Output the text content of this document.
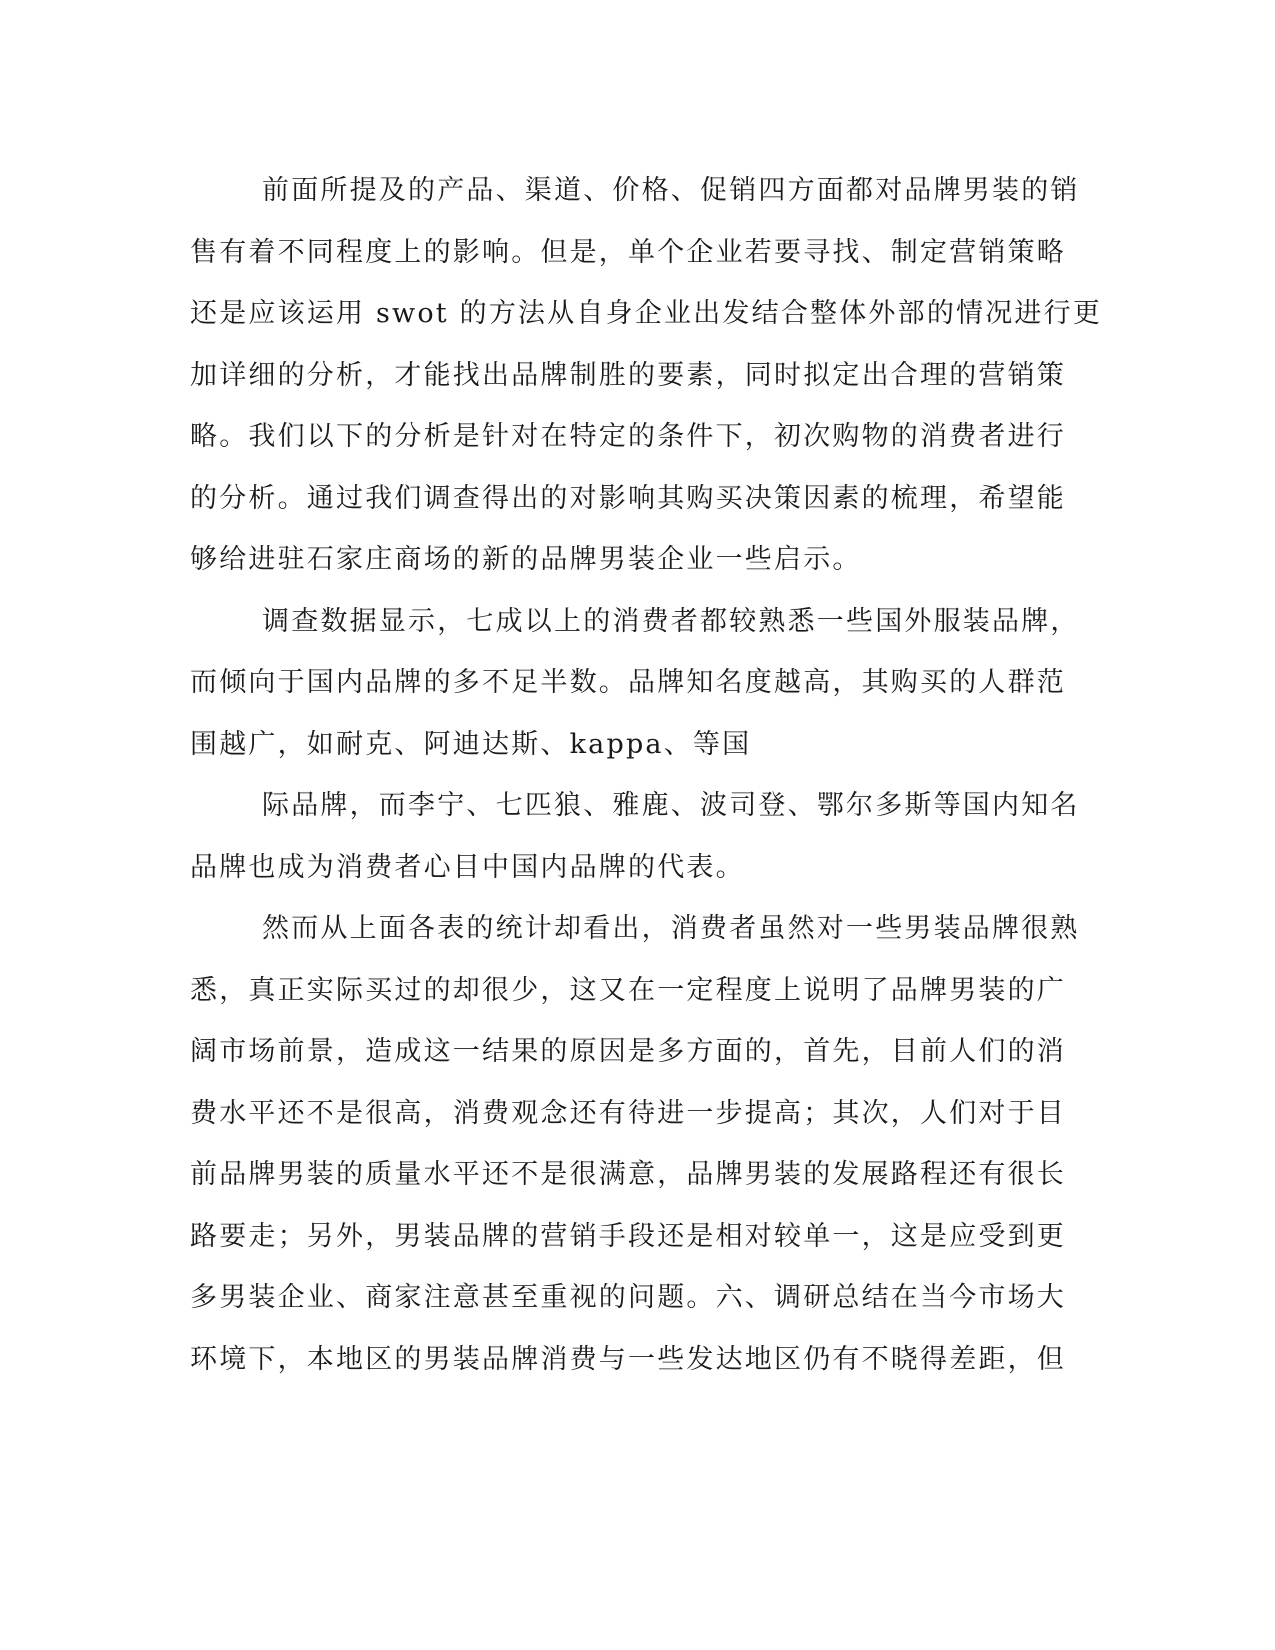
前面所提及的产品、渠道、价格、促销四方面都对品牌男装的销
售有着不同程度上的影响。但是，单个企业若要寻找、制定营销策略
还是应该运用 swot 的方法从自身企业出发结合整体外部的情况进行更
加详细的分析，才能找出品牌制胜的要素，同时拟定出合理的营销策
略。我们以下的分析是针对在特定的条件下，初次购物的消费者进行
的分析。通过我们调查得出的对影响其购买决策因素的梳理，希望能
够给进驻石家庄商场的新的品牌男装企业一些启示。
调查数据显示，七成以上的消费者都较熟悉一些国外服装品牌，
而倾向于国内品牌的多不足半数。品牌知名度越高，其购买的人群范
围越广，如耐克、阿迪达斯、kappa、等国
际品牌，而李宁、七匹狼、雅鹿、波司登、鄂尔多斯等国内知名
品牌也成为消费者心目中国内品牌的代表。
然而从上面各表的统计却看出，消费者虽然对一些男装品牌很熟
悉，真正实际买过的却很少，这又在一定程度上说明了品牌男装的广
阔市场前景，造成这一结果的原因是多方面的，首先，目前人们的消
费水平还不是很高，消费观念还有待进一步提高；其次，人们对于目
前品牌男装的质量水平还不是很满意，品牌男装的发展路程还有很长
路要走；另外，男装品牌的营销手段还是相对较单一，这是应受到更
多男装企业、商家注意甚至重视的问题。六、调研总结在当今市场大
环境下，本地区的男装品牌消费与一些发达地区仍有不晓得差距，但
